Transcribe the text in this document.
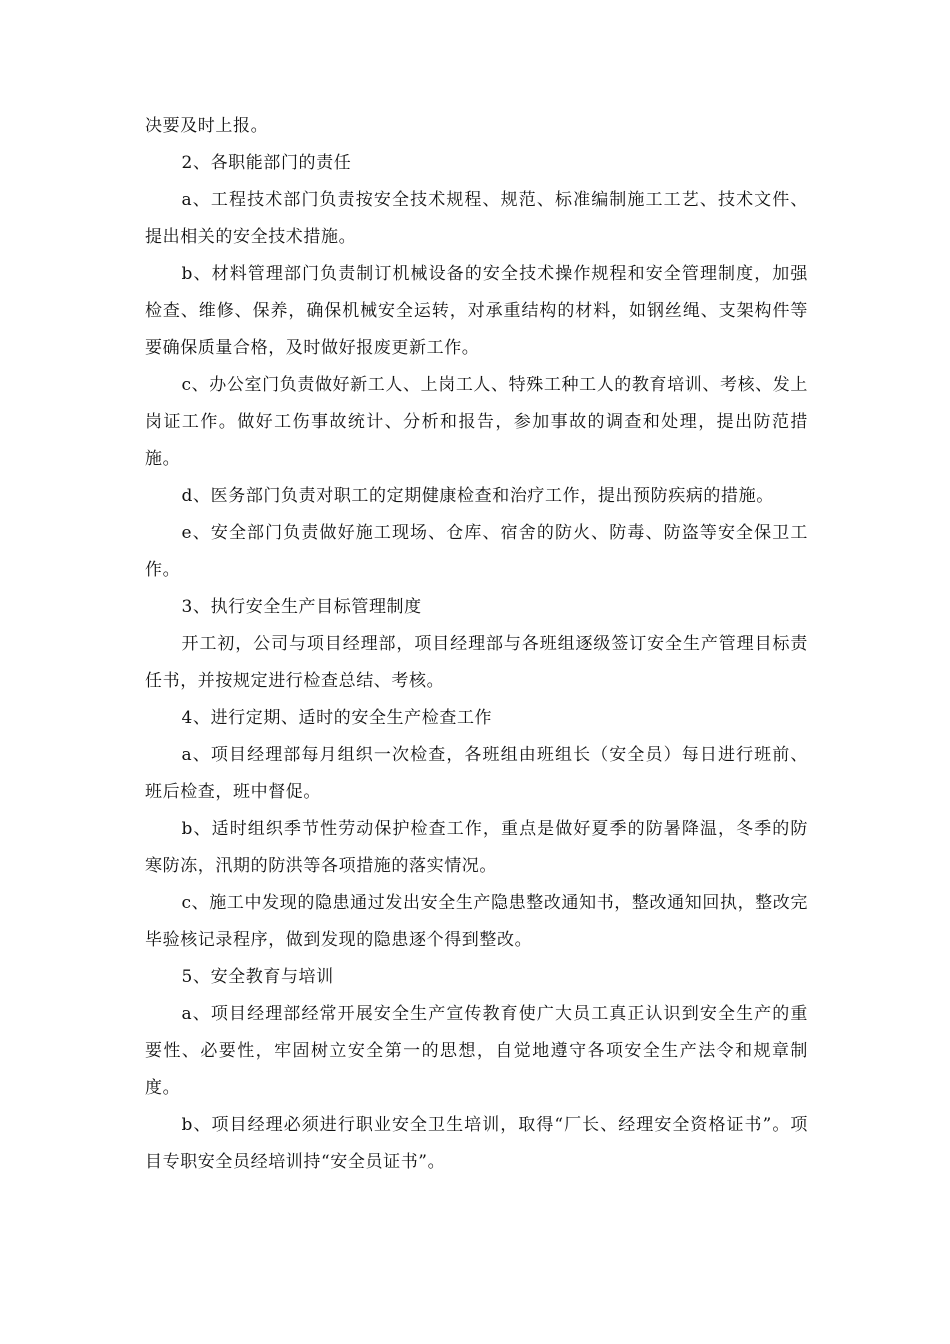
决要及时上报。

2、各职能部门的责任

a、工程技术部门负责按安全技术规程、规范、标准编制施工工艺、技术文件、提出相关的安全技术措施。

b、材料管理部门负责制订机械设备的安全技术操作规程和安全管理制度，加强检查、维修、保养，确保机械安全运转，对承重结构的材料，如钢丝绳、支架构件等要确保质量合格，及时做好报废更新工作。

c、办公室门负责做好新工人、上岗工人、特殊工种工人的教育培训、考核、发上岗证工作。做好工伤事故统计、分析和报告，参加事故的调查和处理，提出防范措施。

d、医务部门负责对职工的定期健康检查和治疗工作，提出预防疾病的措施。

e、安全部门负责做好施工现场、仓库、宿舍的防火、防毒、防盗等安全保卫工作。

3、执行安全生产目标管理制度

开工初，公司与项目经理部，项目经理部与各班组逐级签订安全生产管理目标责任书，并按规定进行检查总结、考核。

4、进行定期、适时的安全生产检查工作

a、项目经理部每月组织一次检查，各班组由班组长（安全员）每日进行班前、班后检查，班中督促。

b、适时组织季节性劳动保护检查工作，重点是做好夏季的防暑降温，冬季的防寒防冻，汛期的防洪等各项措施的落实情况。

c、施工中发现的隐患通过发出安全生产隐患整改通知书，整改通知回执，整改完毕验核记录程序，做到发现的隐患逐个得到整改。

5、安全教育与培训

a、项目经理部经常开展安全生产宣传教育使广大员工真正认识到安全生产的重要性、必要性，牢固树立安全第一的思想，自觉地遵守各项安全生产法令和规章制度。

b、项目经理必须进行职业安全卫生培训，取得“厂长、经理安全资格证书”。项目专职安全员经培训持“安全员证书”。
